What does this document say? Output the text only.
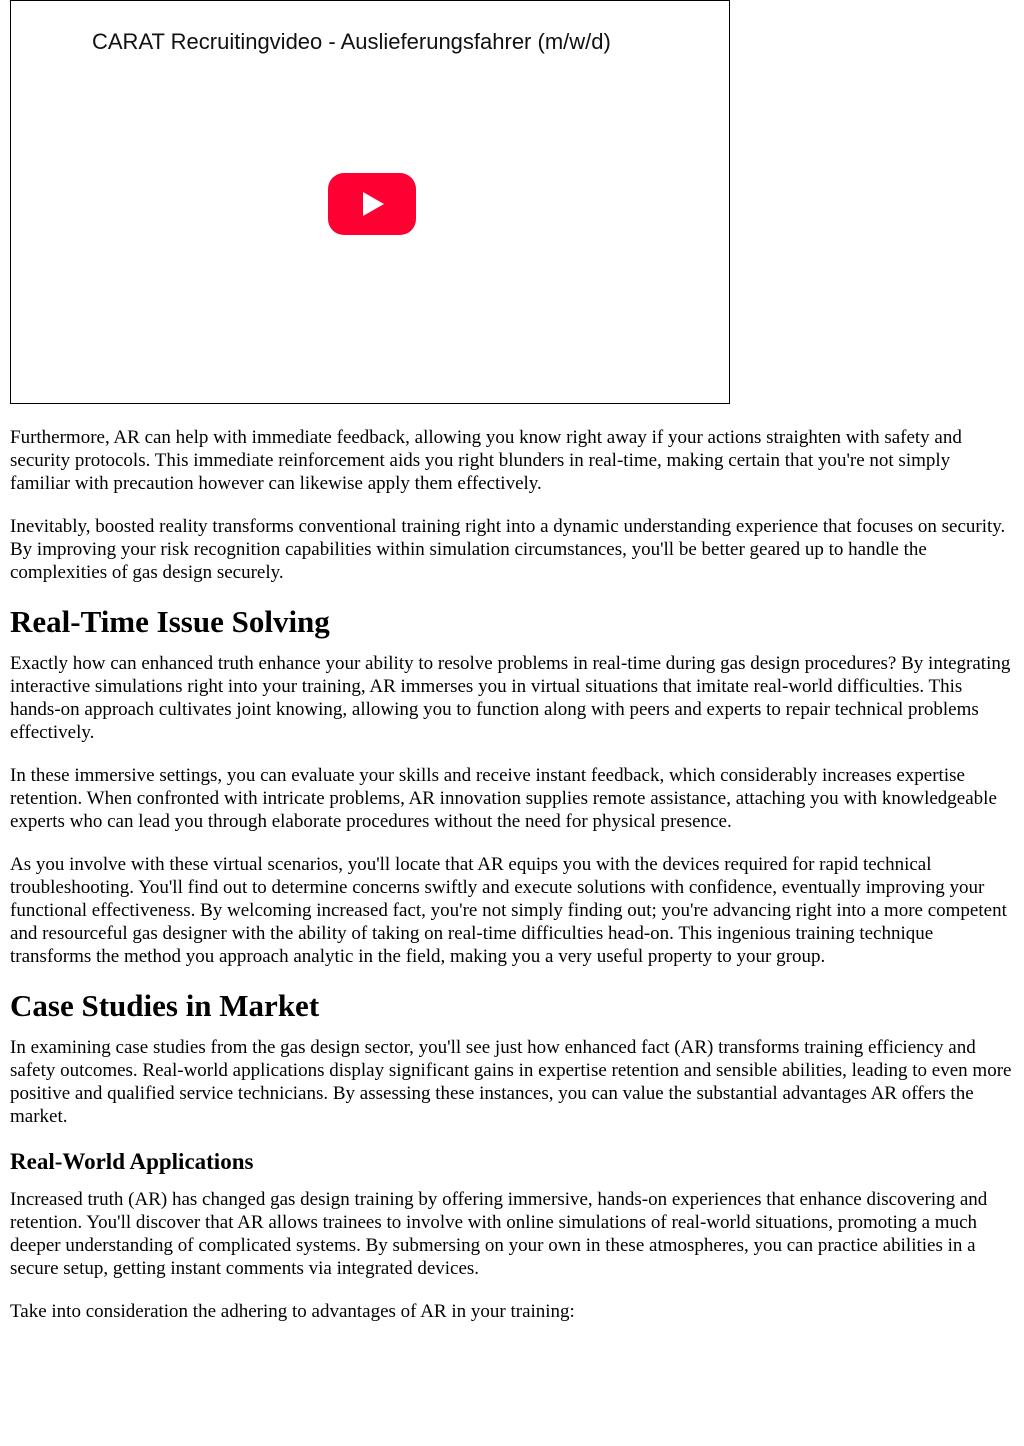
CARAT Recruitingvideo - Auslieferungsfahrer (m/w/d)

Furthermore, AR can help with immediate feedback, allowing you know right away if your actions straighten with safety and security protocols. This immediate reinforcement aids you right blunders in real-time, making certain that you're not simply familiar with precaution however can likewise apply them effectively.

Inevitably, boosted reality transforms conventional training right into a dynamic understanding experience that focuses on security. By improving your risk recognition capabilities within simulation circumstances, you'll be better geared up to handle the complexities of gas design securely.

Real-Time Issue Solving

Exactly how can enhanced truth enhance your ability to resolve problems in real-time during gas design procedures? By integrating interactive simulations right into your training, AR immerses you in virtual situations that imitate real-world difficulties. This hands-on approach cultivates joint knowing, allowing you to function along with peers and experts to repair technical problems effectively.

In these immersive settings, you can evaluate your skills and receive instant feedback, which considerably increases expertise retention. When confronted with intricate problems, AR innovation supplies remote assistance, attaching you with knowledgeable experts who can lead you through elaborate procedures without the need for physical presence.

As you involve with these virtual scenarios, you'll locate that AR equips you with the devices required for rapid technical troubleshooting. You'll find out to determine concerns swiftly and execute solutions with confidence, eventually improving your functional effectiveness. By welcoming increased fact, you're not simply finding out; you're advancing right into a more competent and resourceful gas designer with the ability of taking on real-time difficulties head-on. This ingenious training technique transforms the method you approach analytic in the field, making you a very useful property to your group.

Case Studies in Market

In examining case studies from the gas design sector, you'll see just how enhanced fact (AR) transforms training efficiency and safety outcomes. Real-world applications display significant gains in expertise retention and sensible abilities, leading to even more positive and qualified service technicians. By assessing these instances, you can value the substantial advantages AR offers the market.

Real-World Applications

Increased truth (AR) has changed gas design training by offering immersive, hands-on experiences that enhance discovering and retention. You'll discover that AR allows trainees to involve with online simulations of real-world situations, promoting a much deeper understanding of complicated systems. By submersing on your own in these atmospheres, you can practice abilities in a secure setup, getting instant comments via integrated devices.

Take into consideration the adhering to advantages of AR in your training:
